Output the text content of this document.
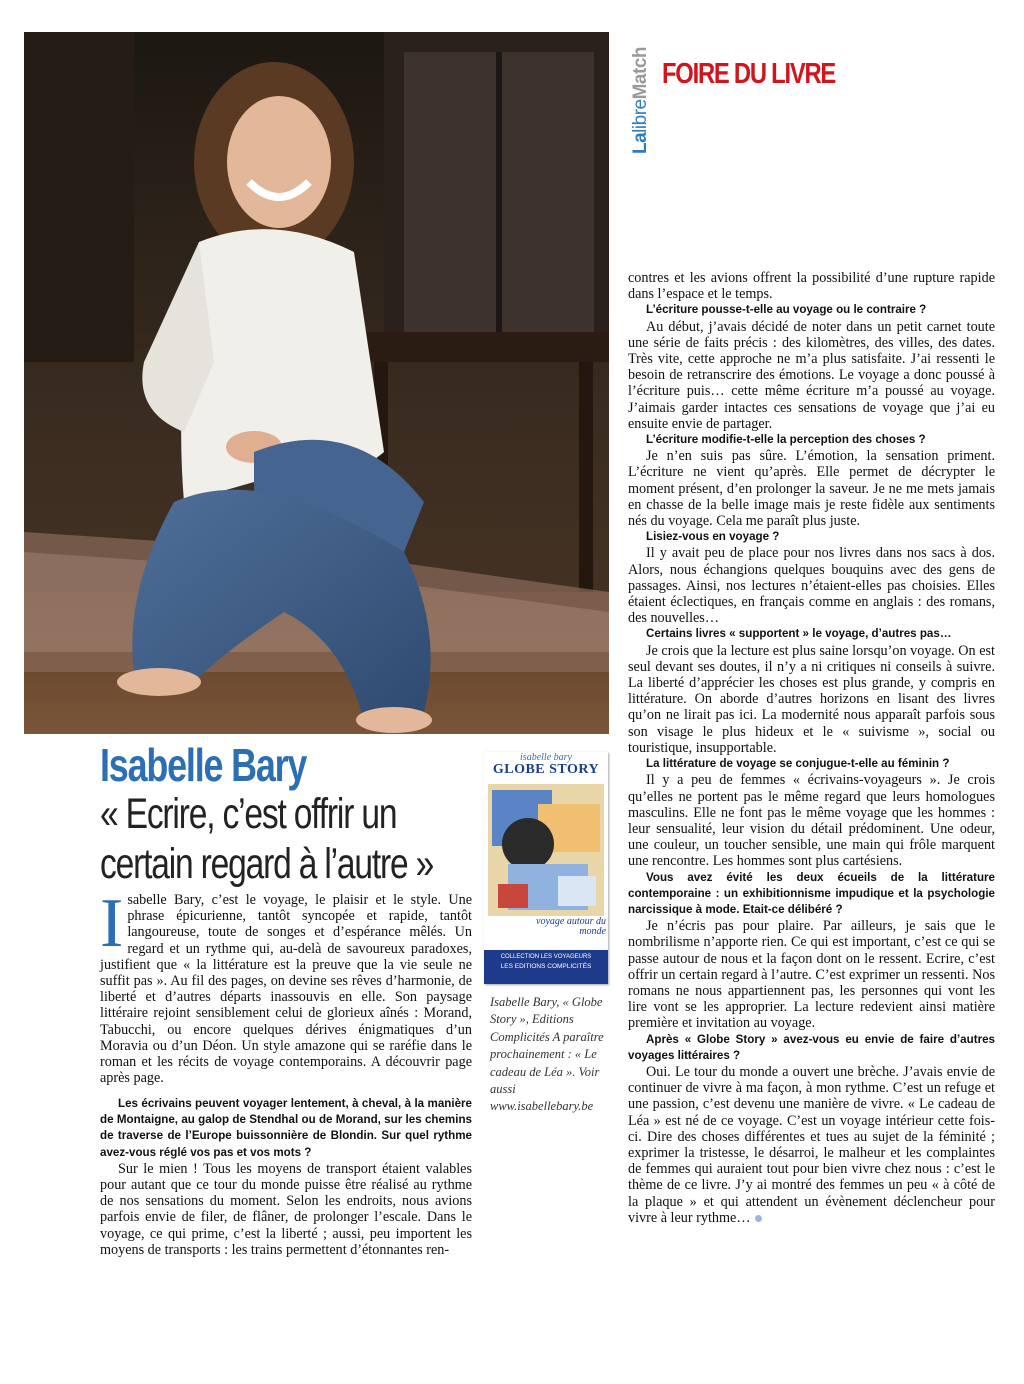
LalibreMatch FOIRE DU LIVRE
Isabelle Bary
« Ecrire, c’est offrir un
certain regard à l’autre »
I sabelle Bary, c’est le voyage, le plaisir et le style. Une phrase épicurienne, tantôt syncopée et rapide, tantôt langoureuse, toute de songes et d’espérance mêlés. Un regard et un rythme qui, au-delà de savoureux paradoxes, justifient que « la littérature est la preuve que la vie seule ne suffit pas ». Au fil des pages, on devine ses rêves d’harmonie, de liberté et d’autres départs inassouvis en elle. Son paysage littéraire rejoint sensiblement celui de glorieux aînés : Morand, Tabucchi, ou encore quelques dérives énigmatiques d’un Moravia ou d’un Déon. Un style amazone qui se raréfie dans le roman et les récits de voyage contemporains. A découvrir page après page.

Les écrivains peuvent voyager lentement, à cheval, à la manière de Montaigne, au galop de Stendhal ou de Morand, sur les chemins de traverse de l’Europe buissonnière de Blondin. Sur quel rythme avez-vous réglé vos pas et vos mots ?

Sur le mien ! Tous les moyens de transport étaient valables pour autant que ce tour du monde puisse être réalisé au rythme de nos sensations du moment. Selon les endroits, nous avions parfois envie de filer, de flâner, de prolonger l’escale. Dans le voyage, ce qui prime, c’est la liberté ; aussi, peu importent les moyens de transports : les trains permettent d’étonnantes ren-

isabelle bary
GLOBE STORY
voyage autour du monde
COLLECTION LES VOYAGEURS
LES EDITIONS COMPLICITÉS
Isabelle Bary, « Globe Story », Editions Complicités A paraître prochainement : « Le cadeau de Léa ». Voir aussi www.isabellebary.be

contres et les avions offrent la possibilité d’une rupture rapide dans l’espace et le temps.

L’écriture pousse-t-elle au voyage ou le contraire ?

Au début, j’avais décidé de noter dans un petit carnet toute une série de faits précis : des kilomètres, des villes, des dates. Très vite, cette approche ne m’a plus satisfaite. J’ai ressenti le besoin de retranscrire des émotions. Le voyage a donc poussé à l’écriture puis… cette même écriture m’a poussé au voyage. J’aimais garder intactes ces sensations de voyage que j’ai eu ensuite envie de partager.

L’écriture modifie-t-elle la perception des choses ?

Je n’en suis pas sûre. L’émotion, la sensation priment. L’écriture ne vient qu’après. Elle permet de décrypter le moment présent, d’en prolonger la saveur. Je ne me mets jamais en chasse de la belle image mais je reste fidèle aux sentiments nés du voyage. Cela me paraît plus juste.

Lisiez-vous en voyage ?

Il y avait peu de place pour nos livres dans nos sacs à dos. Alors, nous échangions quelques bouquins avec des gens de passages. Ainsi, nos lectures n’étaient-elles pas choisies. Elles étaient éclectiques, en français comme en anglais : des romans, des nouvelles…

Certains livres « supportent » le voyage, d’autres pas…

Je crois que la lecture est plus saine lorsqu’on voyage. On est seul devant ses doutes, il n’y a ni critiques ni conseils à suivre. La liberté d’apprécier les choses est plus grande, y compris en littérature. On aborde d’autres horizons en lisant des livres qu’on ne lirait pas ici. La modernité nous apparaît parfois sous son visage le plus hideux et le « suivisme », social ou touristique, insupportable.

La littérature de voyage se conjugue-t-elle au féminin ?

Il y a peu de femmes « écrivains-voyageurs ». Je crois qu’elles ne portent pas le même regard que leurs homologues masculins. Elle ne font pas le même voyage que les hommes : leur sensualité, leur vision du détail prédominent. Une odeur, une couleur, un toucher sensible, une main qui frôle marquent une rencontre. Les hommes sont plus cartésiens.

Vous avez évité les deux écueils de la littérature contemporaine : un exhibitionnisme impudique et la psychologie narcissique à mode. Etait-ce délibéré ?

Je n’écris pas pour plaire. Par ailleurs, je sais que le nombrilisme n’apporte rien. Ce qui est important, c’est ce qui se passe autour de nous et la façon dont on le ressent. Ecrire, c’est offrir un certain regard à l’autre. C’est exprimer un ressenti. Nos romans ne nous appartiennent pas, les personnes qui vont les lire vont se les approprier. La lecture redevient ainsi matière première et invitation au voyage.

Après « Globe Story » avez-vous eu envie de faire d’autres voyages littéraires ?

Oui. Le tour du monde a ouvert une brèche. J’avais envie de continuer de vivre à ma façon, à mon rythme. C’est un refuge et une passion, c’est devenu une manière de vivre. « Le cadeau de Léa » est né de ce voyage. C’est un voyage intérieur cette fois-ci. Dire des choses différentes et tues au sujet de la féminité ; exprimer la tristesse, le désarroi, le malheur et les complaintes de femmes qui auraient tout pour bien vivre chez nous : c’est le thème de ce livre. J’y ai montré des femmes un peu « à côté de la plaque » et qui attendent un évènement déclencheur pour vivre à leur rythme…
